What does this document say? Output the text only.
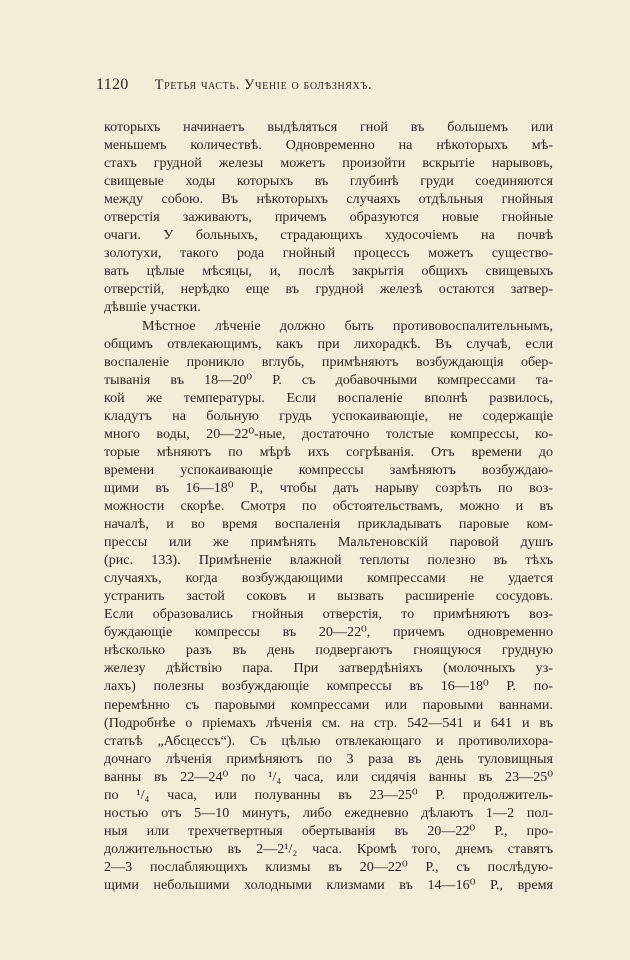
1120 Третья часть. Ученіе о болѣзняхъ.
которыхъ начинаетъ выдѣляться гной въ большемъ или
меньшемъ количествѣ. Одновременно на нѣкоторыхъ мѣ-
стахъ грудной железы можетъ произойти вскрытіе нарывовъ,
свищевые ходы которыхъ въ глубинѣ груди соединяются
между собою. Въ нѣкоторыхъ случаяхъ отдѣльныя гнойныя
отверстія заживаютъ, причемъ образуются новые гнойные
очаги. У больныхъ, страдающихъ худосочіемъ на почвѣ
золотухи, такого рода гнойный процессъ можетъ существо-
вать цѣлые мѣсяцы, и, послѣ закрытія общихъ свищевыхъ
отверстій, нерѣдко еще въ грудной железѣ остаются затвер-
дѣвшіе участки.
Мѣстное лѣченіе должно быть противовоспалительнымъ,
общимъ отвлекающимъ, какъ при лихорадкѣ. Въ случаѣ, если
воспаленіе проникло вглубь, примѣняютъ возбуждающія обер-
тыванія въ 18—20⁰ Р. съ добавочными компрессами та-
кой же температуры. Если воспаленіе вполнѣ развилось,
кладутъ на больную грудь успокаивающіе, не содержащіе
много воды, 20—22⁰-ные, достаточно толстые компрессы, ко-
торые мѣняютъ по мѣрѣ ихъ согрѣванія. Отъ времени до
времени успокаивающіе компрессы замѣняютъ возбуждаю-
щими въ 16—18⁰ Р., чтобы дать нарыву созрѣть по воз-
можности скорѣе. Смотря по обстоятельствамъ, можно и въ
началѣ, и во время воспаленія прикладывать паровые ком-
прессы или же примѣнять Мальтеновскій паровой душъ
(рис. 133). Примѣненіе влажной теплоты полезно въ тѣхъ
случаяхъ, когда возбуждающими компрессами не удается
устранить застой соковъ и вызвать расширеніе сосудовъ.
Если образовались гнойныя отверстія, то примѣняютъ воз-
буждающіе компрессы въ 20—22⁰, причемъ одновременно
нѣсколько разъ въ день подвергаютъ гноящуюся грудную
железу дѣйствію пара. При затвердѣніяхъ (молочныхъ уз-
лахъ) полезны возбуждающіе компрессы въ 16—18⁰ Р. по-
перемѣнно съ паровыми компрессами или паровыми ваннами.
(Подробнѣе о пріемахъ лѣченія см. на стр. 542—541 и 641 и въ
статьѣ „Абсцессъ“). Съ цѣлью отвлекающаго и противолихора-
дочнаго лѣченія примѣняютъ по 3 раза въ день туловищныя
ванны въ 22—24⁰ по ¹/₄ часа, или сидячія ванны въ 23—25⁰
по ¹/₄ часа, или полуванны въ 23—25⁰ Р. продолжитель-
ностью отъ 5—10 минутъ, либо ежедневно дѣлаютъ 1—2 пол-
ныя или трехчетвертныя обертыванія въ 20—22⁰ Р., про-
должительностью въ 2—2¹/₂ часа. Кромѣ того, днемъ ставятъ
2—3 послабляющихъ клизмы въ 20—22⁰ Р., съ послѣдую-
щими небольшими холодными клизмами въ 14—16⁰ Р., время
